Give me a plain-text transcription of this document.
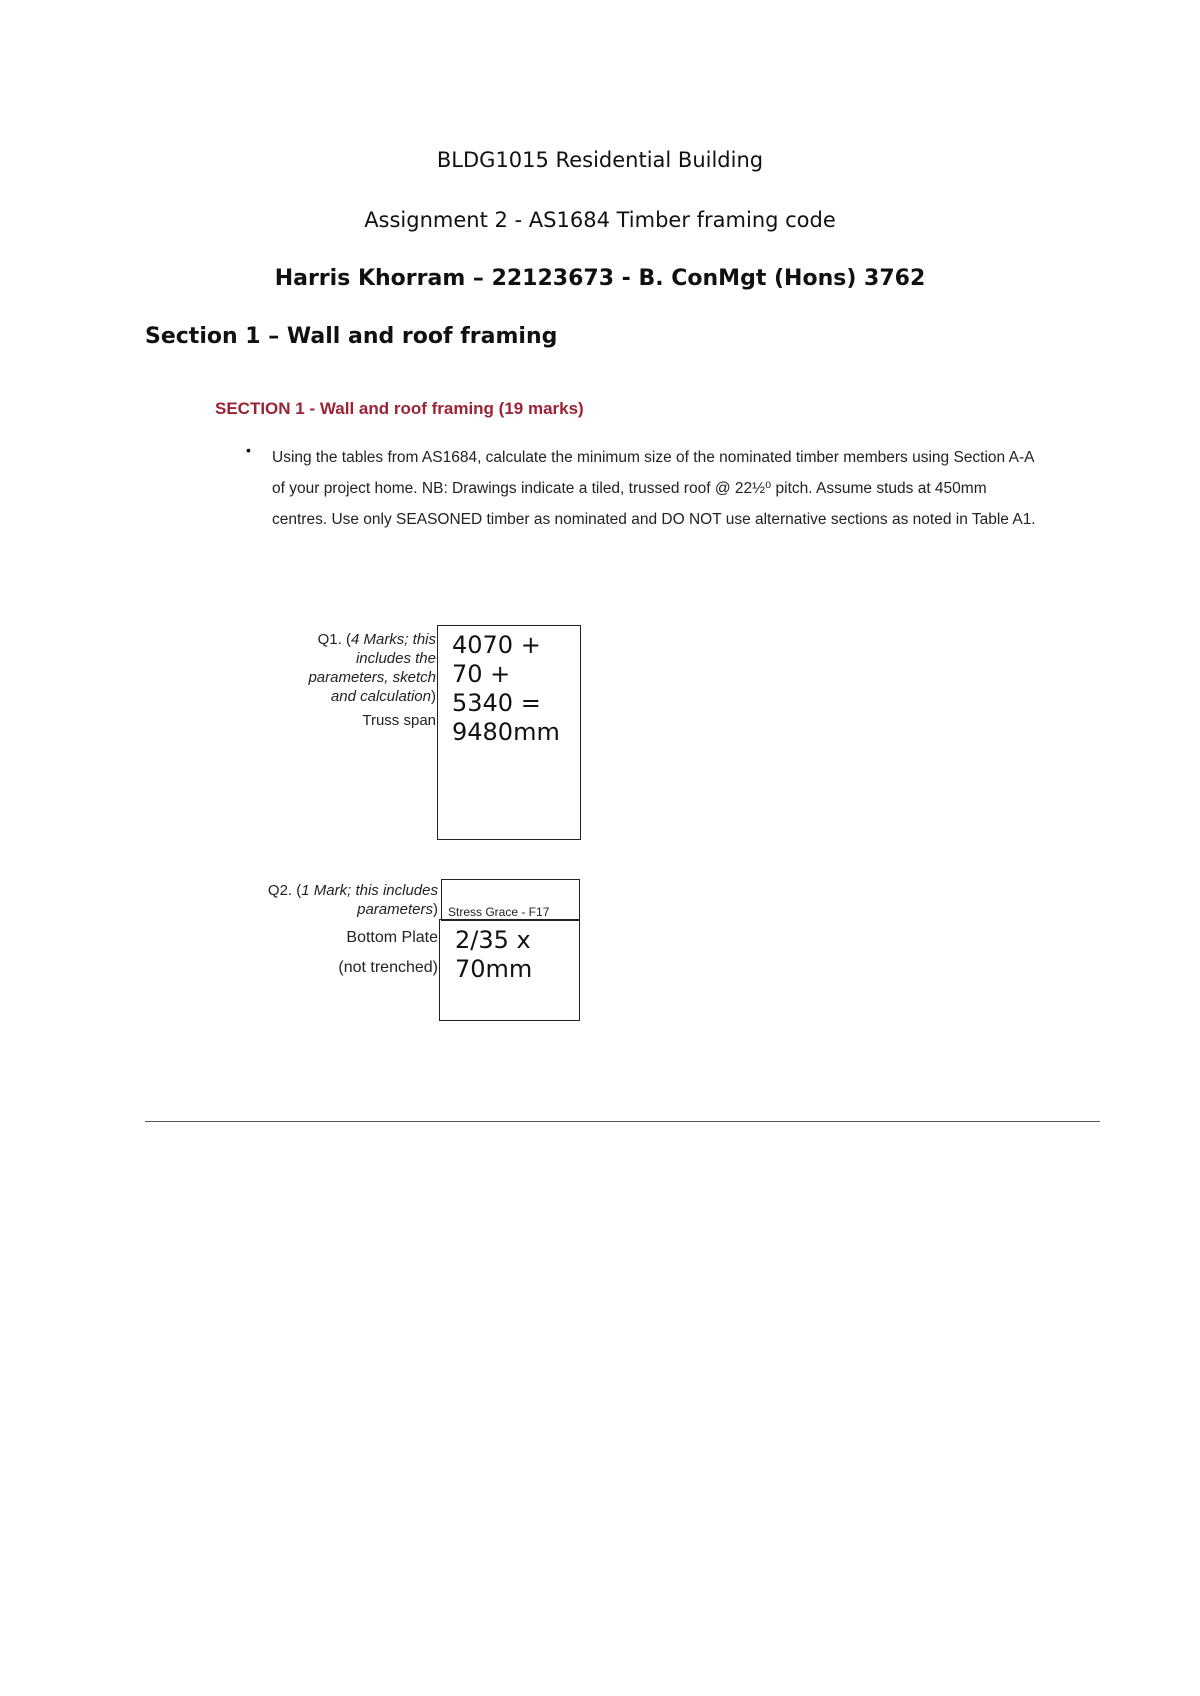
BLDG1015 Residential Building
Assignment 2 - AS1684 Timber framing code
Harris Khorram – 22123673 - B. ConMgt (Hons) 3762
Section 1 – Wall and roof framing
SECTION 1 - Wall and roof framing (19 marks)
• Using the tables from AS1684, calculate the minimum size of the nominated timber members using Section A-A of your project home. NB: Drawings indicate a tiled, trussed roof @ 22½⁰ pitch. Assume studs at 450mm centres. Use only SEASONED timber as nominated and DO NOT use alternative sections as noted in Table A1.
Q1. (4 Marks; this includes the parameters, sketch and calculation)
Truss span
4070 +
70 +
5340 =
9480mm
Q2. (1 Mark; this includes parameters) Stress Grace - F17
2/35 x
70mm
Bottom Plate
(not trenched)
